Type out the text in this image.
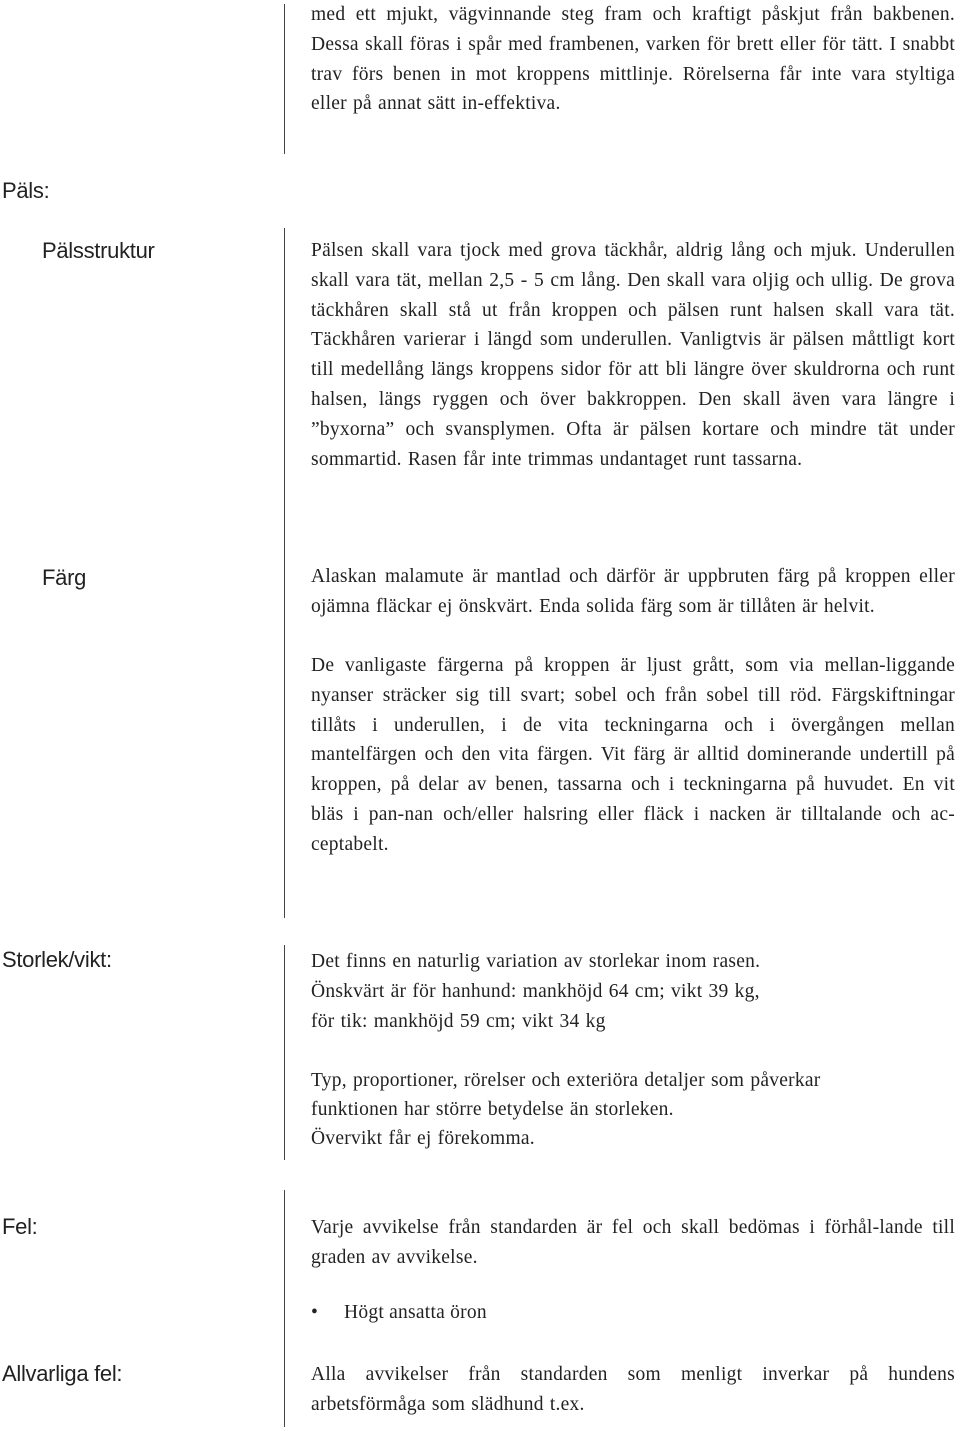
med ett mjukt, vägvinnande steg fram och kraftigt påskjut från bakbenen. Dessa skall föras i spår med frambenen, varken för brett eller för tätt. I snabbt trav förs benen in mot kroppens mittlinje. Rörelserna får inte vara styltiga eller på annat sätt in-effektiva.
Päls:
Pälsstruktur	Pälsen skall vara tjock med grova täckhår, aldrig lång och mjuk. Underullen skall vara tät, mellan 2,5 - 5 cm lång. Den skall vara oljig och ullig. De grova täckhåren skall stå ut från kroppen och pälsen runt halsen skall vara tät. Täckhåren varierar i längd som underullen. Vanligtvis är pälsen måttligt kort till medellång längs kroppens sidor för att bli längre över skuldrorna och runt halsen, längs ryggen och över bakkroppen. Den skall även vara längre i ”byxorna” och svansplymen. Ofta är pälsen kortare och mindre tät under sommartid. Rasen får inte trimmas undantaget runt tassarna.
Färg	Alaskan malamute är mantlad och därför är uppbruten färg på kroppen eller ojämna fläckar ej önskvärt. Enda solida färg som är tillåten är helvit.
De vanligaste färgerna på kroppen är ljust grått, som via mellan-liggande nyanser sträcker sig till svart; sobel och från sobel till röd. Färgskiftningar tillåts i underullen, i de vita teckningarna och i övergången mellan mantelfärgen och den vita färgen. Vit färg är alltid dominerande undertill på kroppen, på delar av benen, tassarna och i teckningarna på huvudet. En vit bläs i pan-nan och/eller halsring eller fläck i nacken är tilltalande och ac-ceptabelt.
Storlek/vikt:	Det finns en naturlig variation av storlekar inom rasen.
Önskvärt är för hanhund: mankhöjd 64 cm; vikt 39 kg,
för tik: mankhöjd 59 cm; vikt 34 kg
Typ, proportioner, rörelser och exteriöra detaljer som påverkar
funktionen har större betydelse än storleken.
Övervikt får ej förekomma.
Fel:	Varje avvikelse från standarden är fel och skall bedömas i förhål-lande till graden av avvikelse.
• Högt ansatta öron
Allvarliga fel:	Alla avvikelser från standarden som menligt inverkar på hundens arbetsförmåga som slädhund t.ex.
